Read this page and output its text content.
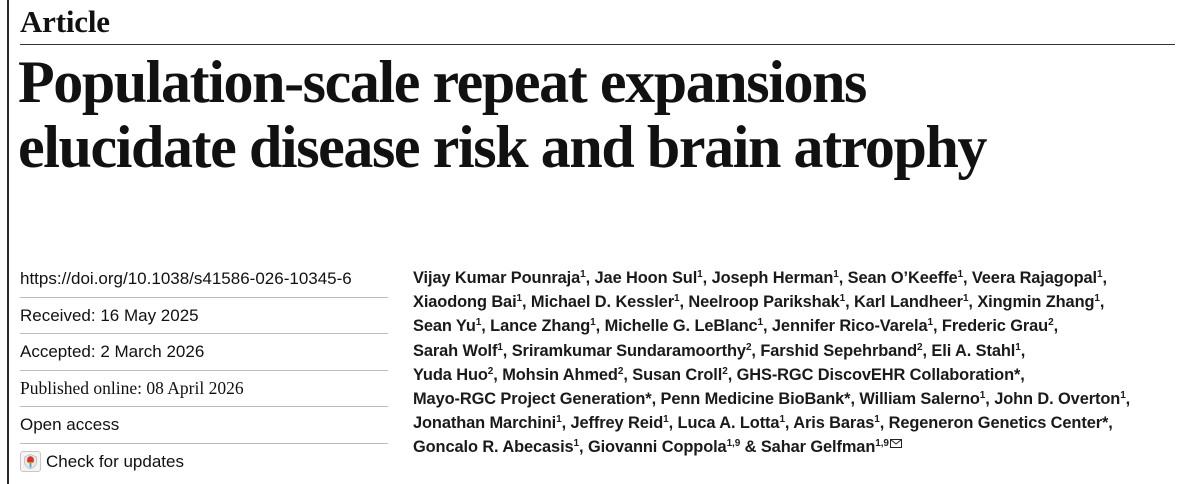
Article
Population-scale repeat expansions
elucidate disease risk and brain atrophy
https://doi.org/10.1038/s41586-026-10345-6
Received: 16 May 2025
Accepted: 2 March 2026
Published online: 08 April 2026
Open access
Check for updates
Vijay Kumar Pounraja$^1$, Jae Hoon Sul$^1$, Joseph Herman$^1$, Sean O’Keeffe$^1$, Veera Rajagopal$^1$,
Xiaodong Bai$^1$, Michael D. Kessler$^1$, Neelroop Parikshak$^1$, Karl Landheer$^1$, Xingmin Zhang$^1$,
Sean Yu$^1$, Lance Zhang$^1$, Michelle G. LeBlanc$^1$, Jennifer Rico-Varela$^1$, Frederic Grau$^2$,
Sarah Wolf$^1$, Sriramkumar Sundaramoorthy$^2$, Farshid Sepehrband$^2$, Eli A. Stahl$^1$,
Yuda Huo$^2$, Mohsin Ahmed$^2$, Susan Croll$^2$, GHS-RGC DiscovEHR Collaboration*,
Mayo-RGC Project Generation*, Penn Medicine BioBank*, William Salerno$^1$, John D. Overton$^1$,
Jonathan Marchini$^1$, Jeffrey Reid$^1$, Luca A. Lotta$^1$, Aris Baras$^1$, Regeneron Genetics Center*,
Goncalo R. Abecasis$^1$, Giovanni Coppola$^{1,9}$ & Sahar Gelfman$^{1,9}$
